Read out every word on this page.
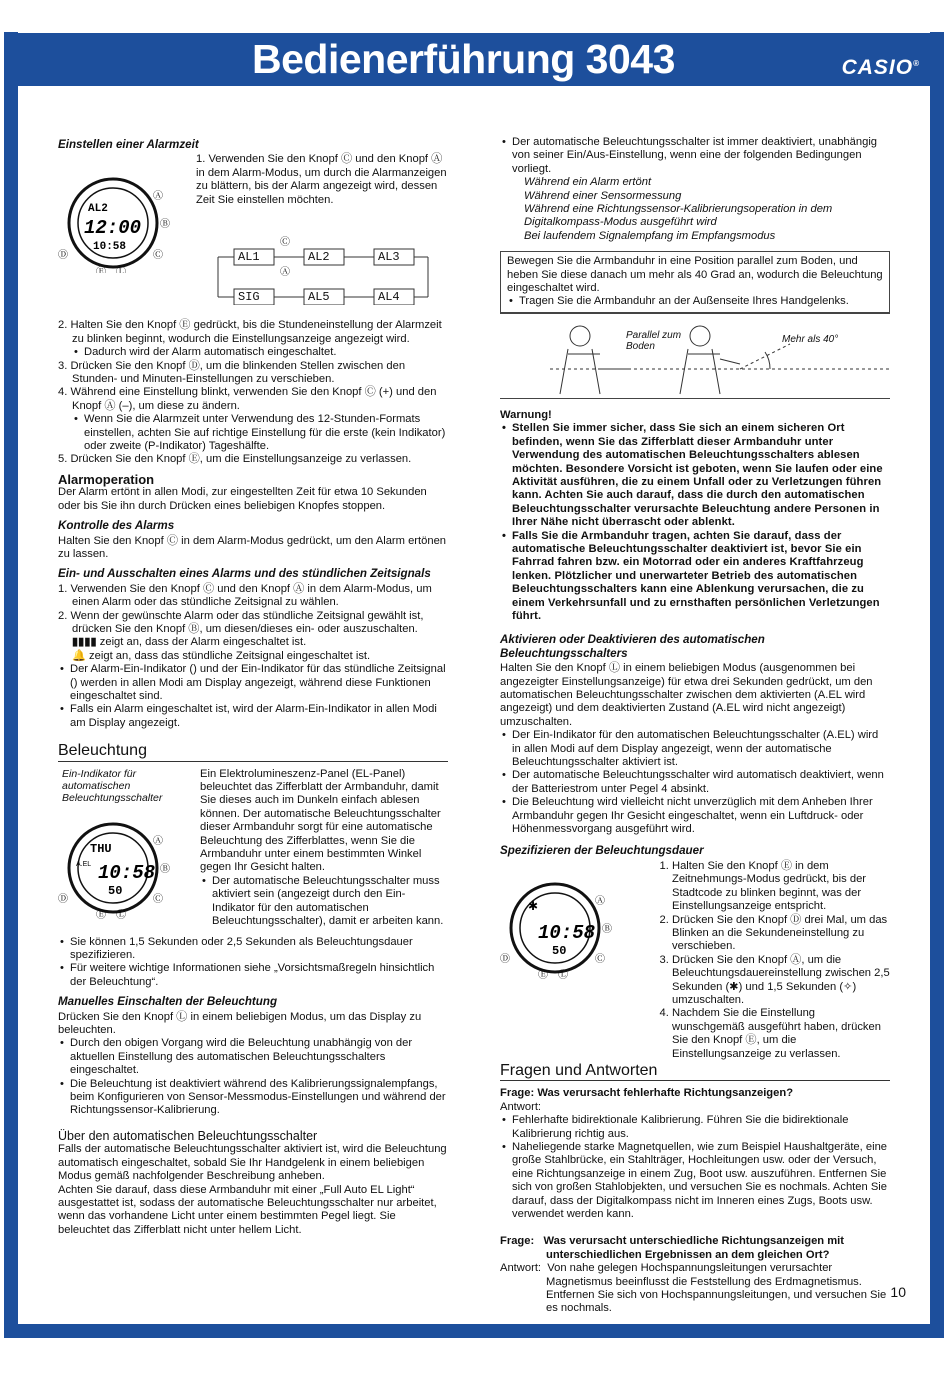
Bedienerführung 3043	CASIO®
Einstellen einer Alarmzeit
AL2
12:00
10:58
Ⓐ
Ⓑ
Ⓒ
Ⓓ
Ⓔ Ⓛ
1. Verwenden Sie den Knopf Ⓒ und den Knopf Ⓐ in dem Alarm-Modus, um durch die Alarmanzeigen zu blättern, bis der Alarm angezeigt wird, dessen Zeit Sie einstellen möchten.
Ⓒ
Ⓐ
AL1	AL2	AL3
SIG	AL5	AL4

2. Halten Sie den Knopf Ⓔ gedrückt, bis die Stundeneinstellung der Alarmzeit zu blinken beginnt, wodurch die Einstellungsanzeige angezeigt wird.

• Dadurch wird der Alarm automatisch eingeschaltet.

3. Drücken Sie den Knopf Ⓓ, um die blinkenden Stellen zwischen den Stunden- und Minuten-Einstellungen zu verschieben.

4. Während eine Einstellung blinkt, verwenden Sie den Knopf Ⓒ (+) und den Knopf Ⓐ (–), um diese zu ändern.

• Wenn Sie die Alarmzeit unter Verwendung des 12-Stunden-Formats einstellen, achten Sie auf richtige Einstellung für die erste (kein Indikator) oder zweite (P-Indikator) Tageshälfte.

5. Drücken Sie den Knopf Ⓔ, um die Einstellungsanzeige zu verlassen.

Alarmoperation

Der Alarm ertönt in allen Modi, zur eingestellten Zeit für etwa 10 Sekunden oder bis Sie ihn durch Drücken eines beliebigen Knopfes stoppen.

Kontrolle des Alarms

Halten Sie den Knopf Ⓒ in dem Alarm-Modus gedrückt, um den Alarm ertönen zu lassen.

Ein- und Ausschalten eines Alarms und des stündlichen Zeitsignals

1. Verwenden Sie den Knopf Ⓒ und den Knopf Ⓐ in dem Alarm-Modus, um einen Alarm oder das stündliche Zeitsignal zu wählen.

2. Wenn der gewünschte Alarm oder das stündliche Zeitsignal gewählt ist, drücken Sie den Knopf Ⓑ, um diesen/dieses ein- oder auszuschalten.

▮▮▮▮ zeigt an, dass der Alarm eingeschaltet ist.

🔔 zeigt an, dass das stündliche Zeitsignal eingeschaltet ist.

• Der Alarm-Ein-Indikator () und der Ein-Indikator für das stündliche Zeitsignal () werden in allen Modi am Display angezeigt, während diese Funktionen eingeschaltet sind.
• Falls ein Alarm eingeschaltet ist, wird der Alarm-Ein-Indikator in allen Modi am Display angezeigt.
Beleuchtung
Ein-Indikator für automatischen Beleuchtungsschalter
THU
A.EL 10:58
50
Ⓐ
Ⓑ
Ⓒ
Ⓓ
Ⓔ Ⓛ

Ein Elektrolumineszenz-Panel (EL-Panel) beleuchtet das Zifferblatt der Armbanduhr, damit Sie dieses auch im Dunkeln einfach ablesen können. Der automatische Beleuchtungsschalter dieser Armbanduhr sorgt für eine automatische Beleuchtung des Zifferblattes, wenn Sie die Armbanduhr unter einem bestimmten Winkel gegen Ihr Gesicht halten.

• Der automatische Beleuchtungsschalter muss aktiviert sein (angezeigt durch den Ein-Indikator für den automatischen Beleuchtungsschalter), damit er arbeiten kann.
• Sie können 1,5 Sekunden oder 2,5 Sekunden als Beleuchtungsdauer spezifizieren.
• Für weitere wichtige Informationen siehe „Vorsichtsmaßregeln hinsichtlich der Beleuchtung“.
Manuelles Einschalten der Beleuchtung

Drücken Sie den Knopf Ⓛ in einem beliebigen Modus, um das Display zu beleuchten.

• Durch den obigen Vorgang wird die Beleuchtung unabhängig von der aktuellen Einstellung des automatischen Beleuchtungsschalters eingeschaltet.
• Die Beleuchtung ist deaktiviert während des Kalibrierungssignalempfangs, beim Konfigurieren von Sensor-Messmodus-Einstellungen und während der Richtungssensor-Kalibrierung.
Über den automatischen Beleuchtungsschalter

Falls der automatische Beleuchtungsschalter aktiviert ist, wird die Beleuchtung automatisch eingeschaltet, sobald Sie Ihr Handgelenk in einem beliebigen Modus gemäß nachfolgender Beschreibung anheben.

Achten Sie darauf, dass diese Armbanduhr mit einer „Full Auto EL Light“ ausgestattet ist, sodass der automatische Beleuchtungsschalter nur arbeitet, wenn das vorhandene Licht unter einem bestimmten Pegel liegt. Sie beleuchtet das Zifferblatt nicht unter hellem Licht.

• Der automatische Beleuchtungsschalter ist immer deaktiviert, unabhängig von seiner Ein/Aus-Einstellung, wenn eine der folgenden Bedingungen vorliegt.

Während ein Alarm ertönt

Während einer Sensormessung

Während eine Richtungssensor-Kalibrierungsoperation in dem Digitalkompass-Modus ausgeführt wird

Bei laufendem Signalempfang im Empfangsmodus

Bewegen Sie die Armbanduhr in eine Position parallel zum Boden, und heben Sie diese danach um mehr als 40 Grad an, wodurch die Beleuchtung eingeschaltet wird.

• Tragen Sie die Armbanduhr an der Außenseite Ihres Handgelenks.
Parallel zum Boden
Mehr als 40°
Warnung!
• Stellen Sie immer sicher, dass Sie sich an einem sicheren Ort befinden, wenn Sie das Zifferblatt dieser Armbanduhr unter Verwendung des automatischen Beleuchtungsschalters ablesen möchten. Besondere Vorsicht ist geboten, wenn Sie laufen oder eine Aktivität ausführen, die zu einem Unfall oder zu Verletzungen führen kann. Achten Sie auch darauf, dass die durch den automatischen Beleuchtungsschalter verursachte Beleuchtung andere Personen in Ihrer Nähe nicht überrascht oder ablenkt.
• Falls Sie die Armbanduhr tragen, achten Sie darauf, dass der automatische Beleuchtungsschalter deaktiviert ist, bevor Sie ein Fahrrad fahren bzw. ein Motorrad oder ein anderes Kraftfahrzeug lenken. Plötzlicher und unerwarteter Betrieb des automatischen Beleuchtungsschalters kann eine Ablenkung verursachen, die zu einem Verkehrsunfall und zu ernsthaften persönlichen Verletzungen führt.
Aktivieren oder Deaktivieren des automatischen Beleuchtungsschalters

Halten Sie den Knopf Ⓛ in einem beliebigen Modus (ausgenommen bei angezeigter Einstellungsanzeige) für etwa drei Sekunden gedrückt, um den automatischen Beleuchtungsschalter zwischen dem aktivierten (A.EL wird angezeigt) und dem deaktivierten Zustand (A.EL wird nicht angezeigt) umzuschalten.

• Der Ein-Indikator für den automatischen Beleuchtungsschalter (A.EL) wird in allen Modi auf dem Display angezeigt, wenn der automatische Beleuchtungsschalter aktiviert ist.
• Der automatische Beleuchtungsschalter wird automatisch deaktiviert, wenn der Batteriestrom unter Pegel 4 absinkt.
• Die Beleuchtung wird vielleicht nicht unverzüglich mit dem Anheben Ihrer Armbanduhr gegen Ihr Gesicht eingeschaltet, wenn ein Luftdruck- oder Höhenmessvorgang ausgeführt wird.
Spezifizieren der Beleuchtungsdauer
✱
10:58
50
Ⓐ
Ⓑ
Ⓒ
Ⓓ
Ⓔ Ⓛ
1. Halten Sie den Knopf Ⓔ in dem Zeitnehmungs-Modus gedrückt, bis der Stadtcode zu blinken beginnt, was der Einstellungsanzeige entspricht.
2. Drücken Sie den Knopf Ⓓ drei Mal, um das Blinken an die Sekundeneinstellung zu verschieben.
3. Drücken Sie den Knopf Ⓐ, um die Beleuchtungsdauereinstellung zwischen 2,5 Sekunden (✱) und 1,5 Sekunden (✧) umzuschalten.
4. Nachdem Sie die Einstellung wunschgemäß ausgeführt haben, drücken Sie den Knopf Ⓔ, um die Einstellungsanzeige zu verlassen.
Fragen und Antworten

Frage: Was verursacht fehlerhafte Richtungsanzeigen?

Antwort:

• Fehlerhafte bidirektionale Kalibrierung. Führen Sie die bidirektionale Kalibrierung richtig aus.
• Naheliegende starke Magnetquellen, wie zum Beispiel Haushaltgeräte, eine große Stahlbrücke, ein Stahlträger, Hochleitungen usw. oder der Versuch, eine Richtungsanzeige in einem Zug, Boot usw. auszuführen. Entfernen Sie sich von großen Stahlobjekten, und versuchen Sie es nochmals. Achten Sie darauf, dass der Digitalkompass nicht im Inneren eines Zugs, Boots usw. verwendet werden kann.

Frage: Was verursacht unterschiedliche Richtungsanzeigen mit unterschiedlichen Ergebnissen an dem gleichen Ort?

Antwort: Von nahe gelegen Hochspannungsleitungen verursachter Magnetismus beeinflusst die Feststellung des Erdmagnetismus. Entfernen Sie sich von Hochspannungsleitungen, und versuchen Sie es nochmals.

10
